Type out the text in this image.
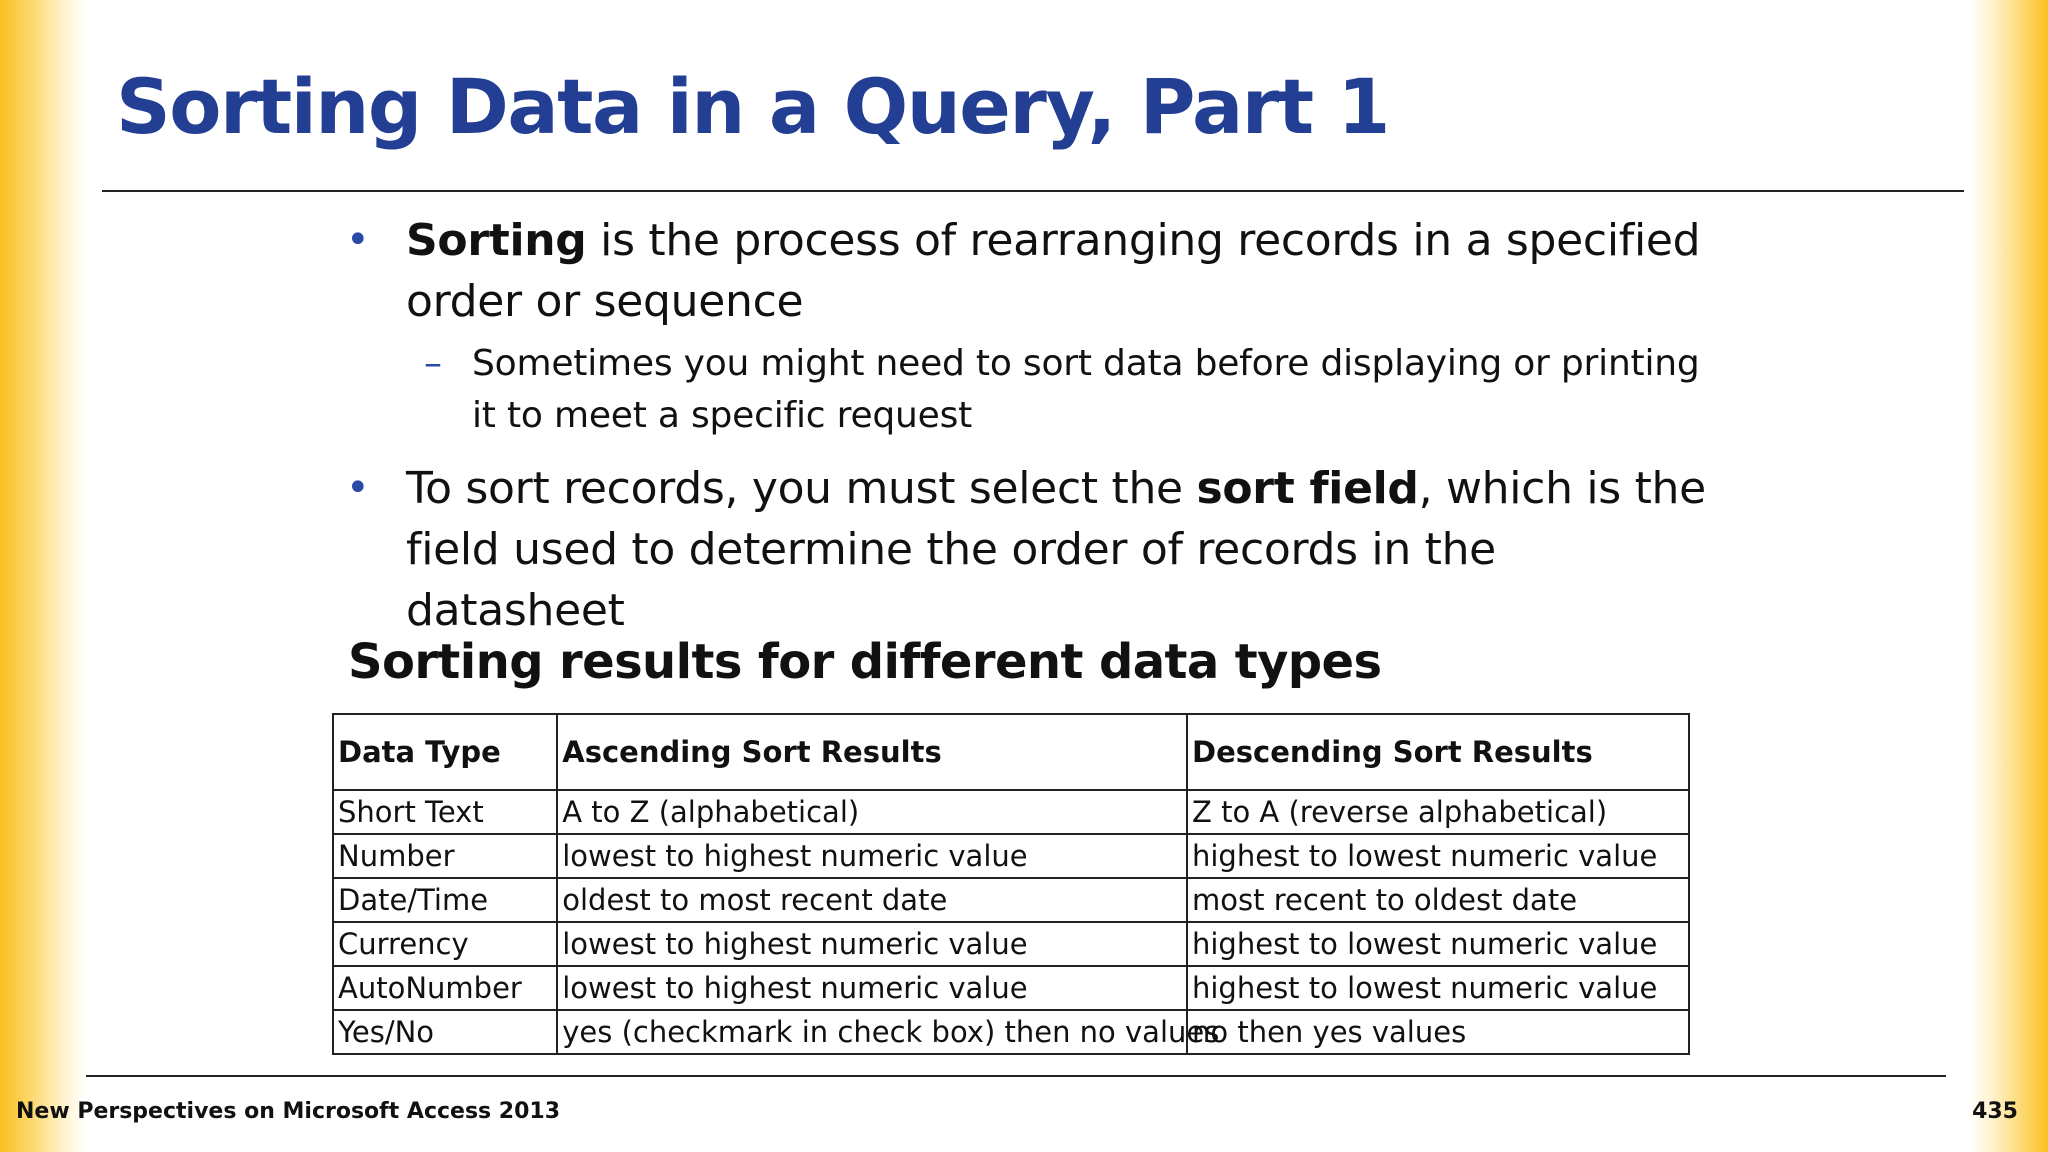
Sorting Data in a Query, Part 1

• Sorting is the process of rearranging records in a specified order or sequence

– Sometimes you might need to sort data before displaying or printing it to meet a specific request

• To sort records, you must select the sort field, which is the field used to determine the order of records in the datasheet

Sorting results for different data types
Data Type	Ascending Sort Results	Descending Sort Results
Short Text	A to Z (alphabetical)	Z to A (reverse alphabetical)
Number	lowest to highest numeric value	highest to lowest numeric value
Date/Time	oldest to most recent date	most recent to oldest date
Currency	lowest to highest numeric value	highest to lowest numeric value
AutoNumber	lowest to highest numeric value	highest to lowest numeric value
Yes/No	yes (checkmark in check box) then no values	no then yes values
New Perspectives on Microsoft Access 2013	435
